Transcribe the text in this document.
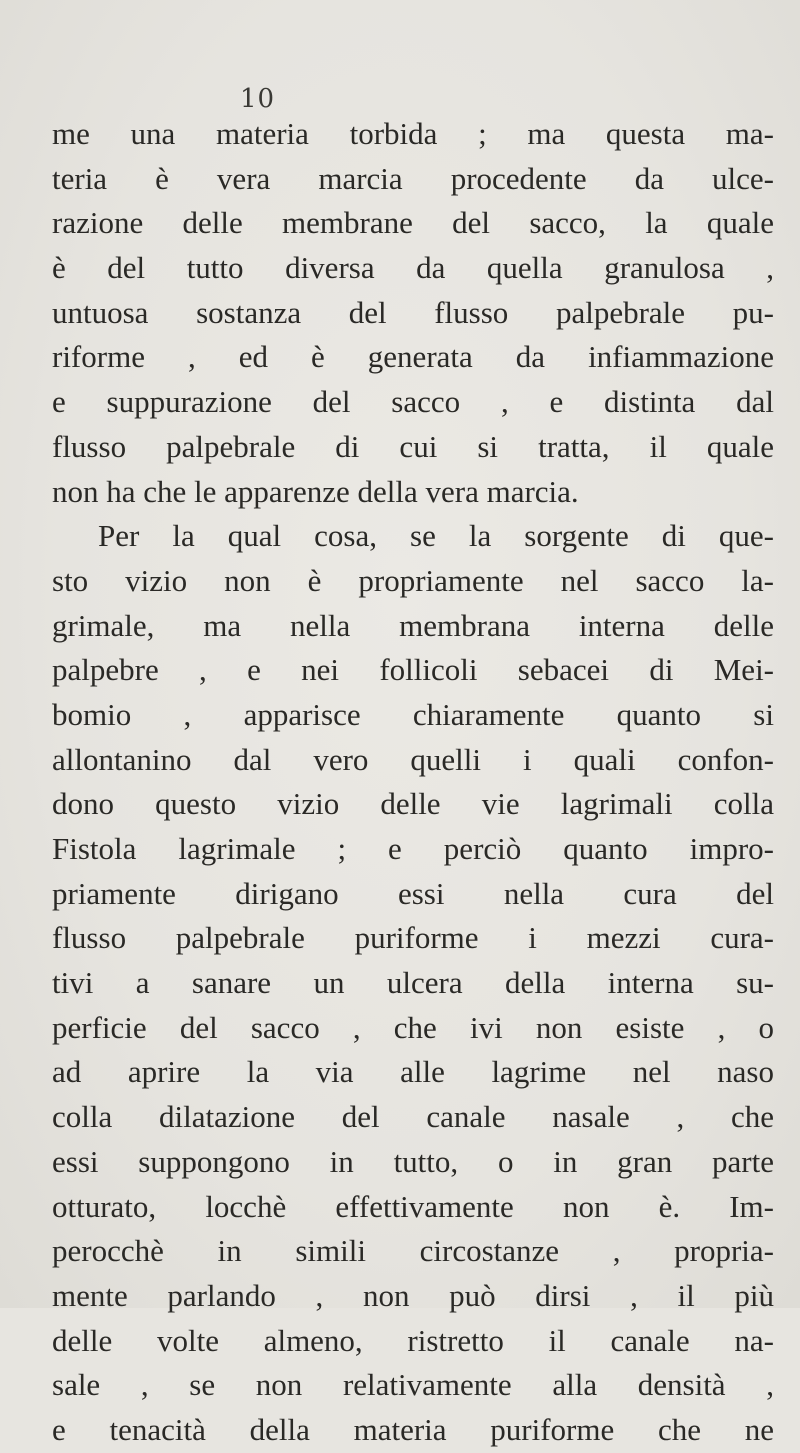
10
me una materia torbida ; ma questa ma-
teria è vera marcia procedente da ulce-
razione delle membrane del sacco, la quale
è del tutto diversa da quella granulosa ,
untuosa sostanza del flusso palpebrale pu-
riforme , ed è generata da infiammazione
e suppurazione del sacco , e distinta dal
flusso palpebrale di cui si tratta, il quale
non ha che le apparenze della vera marcia.
Per la qual cosa, se la sorgente di que-
sto vizio non è propriamente nel sacco la-
grimale, ma nella membrana interna delle
palpebre , e nei follicoli sebacei di Mei-
bomio , apparisce chiaramente quanto si
allontanino dal vero quelli i quali confon-
dono questo vizio delle vie lagrimali colla
Fistola lagrimale ; e perciò quanto impro-
priamente dirigano essi nella cura del
flusso palpebrale puriforme i mezzi cura-
tivi a sanare un ulcera della interna su-
perficie del sacco , che ivi non esiste , o
ad aprire la via alle lagrime nel naso
colla dilatazione del canale nasale , che
essi suppongono in tutto, o in gran parte
otturato, locchè effettivamente non è. Im-
perocchè in simili circostanze , propria-
mente parlando , non può dirsi , il più
delle volte almeno, ristretto il canale na-
sale , se non relativamente alla densità ,
e tenacità della materia puriforme che ne
